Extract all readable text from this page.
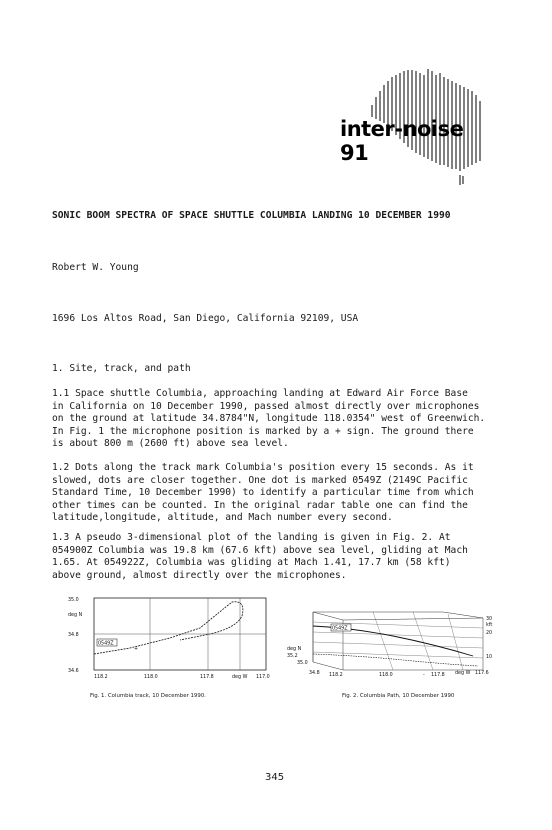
inter-noise 91
SONIC BOOM SPECTRA OF SPACE SHUTTLE COLUMBIA LANDING 10 DECEMBER 1990
Robert W. Young
1696 Los Altos Road, San Diego, California 92109, USA
1. Site, track, and path
1.1 Space shuttle Columbia, approaching landing at Edward Air Force Base
in California on 10 December 1990, passed almost directly over microphones
on the ground at latitude 34.8784"N, longitude 118.0354" west of Greenwich.
In Fig. 1 the microphone position is marked by a + sign. The ground there
is about 800 m (2600 ft) above sea level.
1.2 Dots along the track mark Columbia's position every 15 seconds. As it
slowed, dots are closer together. One dot is marked 0549Z (2149C Pacific
Standard Time, 10 December 1990) to identify a particular time from which
other times can be counted. In the original radar table one can find the
latitude,longitude, altitude, and Mach number every second.
1.3 A pseudo 3-dimensional plot of the landing is given in Fig. 2. At
054900Z Columbia was 19.8 km (67.6 kft) above sea level, gliding at Mach
1.65. At 054922Z, Columbia was gliding at Mach 1.41, 17.7 km (58 kft)
above ground, almost directly over the microphones.
0549Z
+
35.0
deg N
34.8
34.6
118.2	118.0	117.8	deg W 117.0
Fig. 1. Columbia track, 10 December 1990.
0549Z
30
kft
20
10
deg N
35.2
35.0
34.8 118.2	118.0	- 117.8 deg W 117.6
Fig. 2. Columbia Path, 10 December 1990
345
